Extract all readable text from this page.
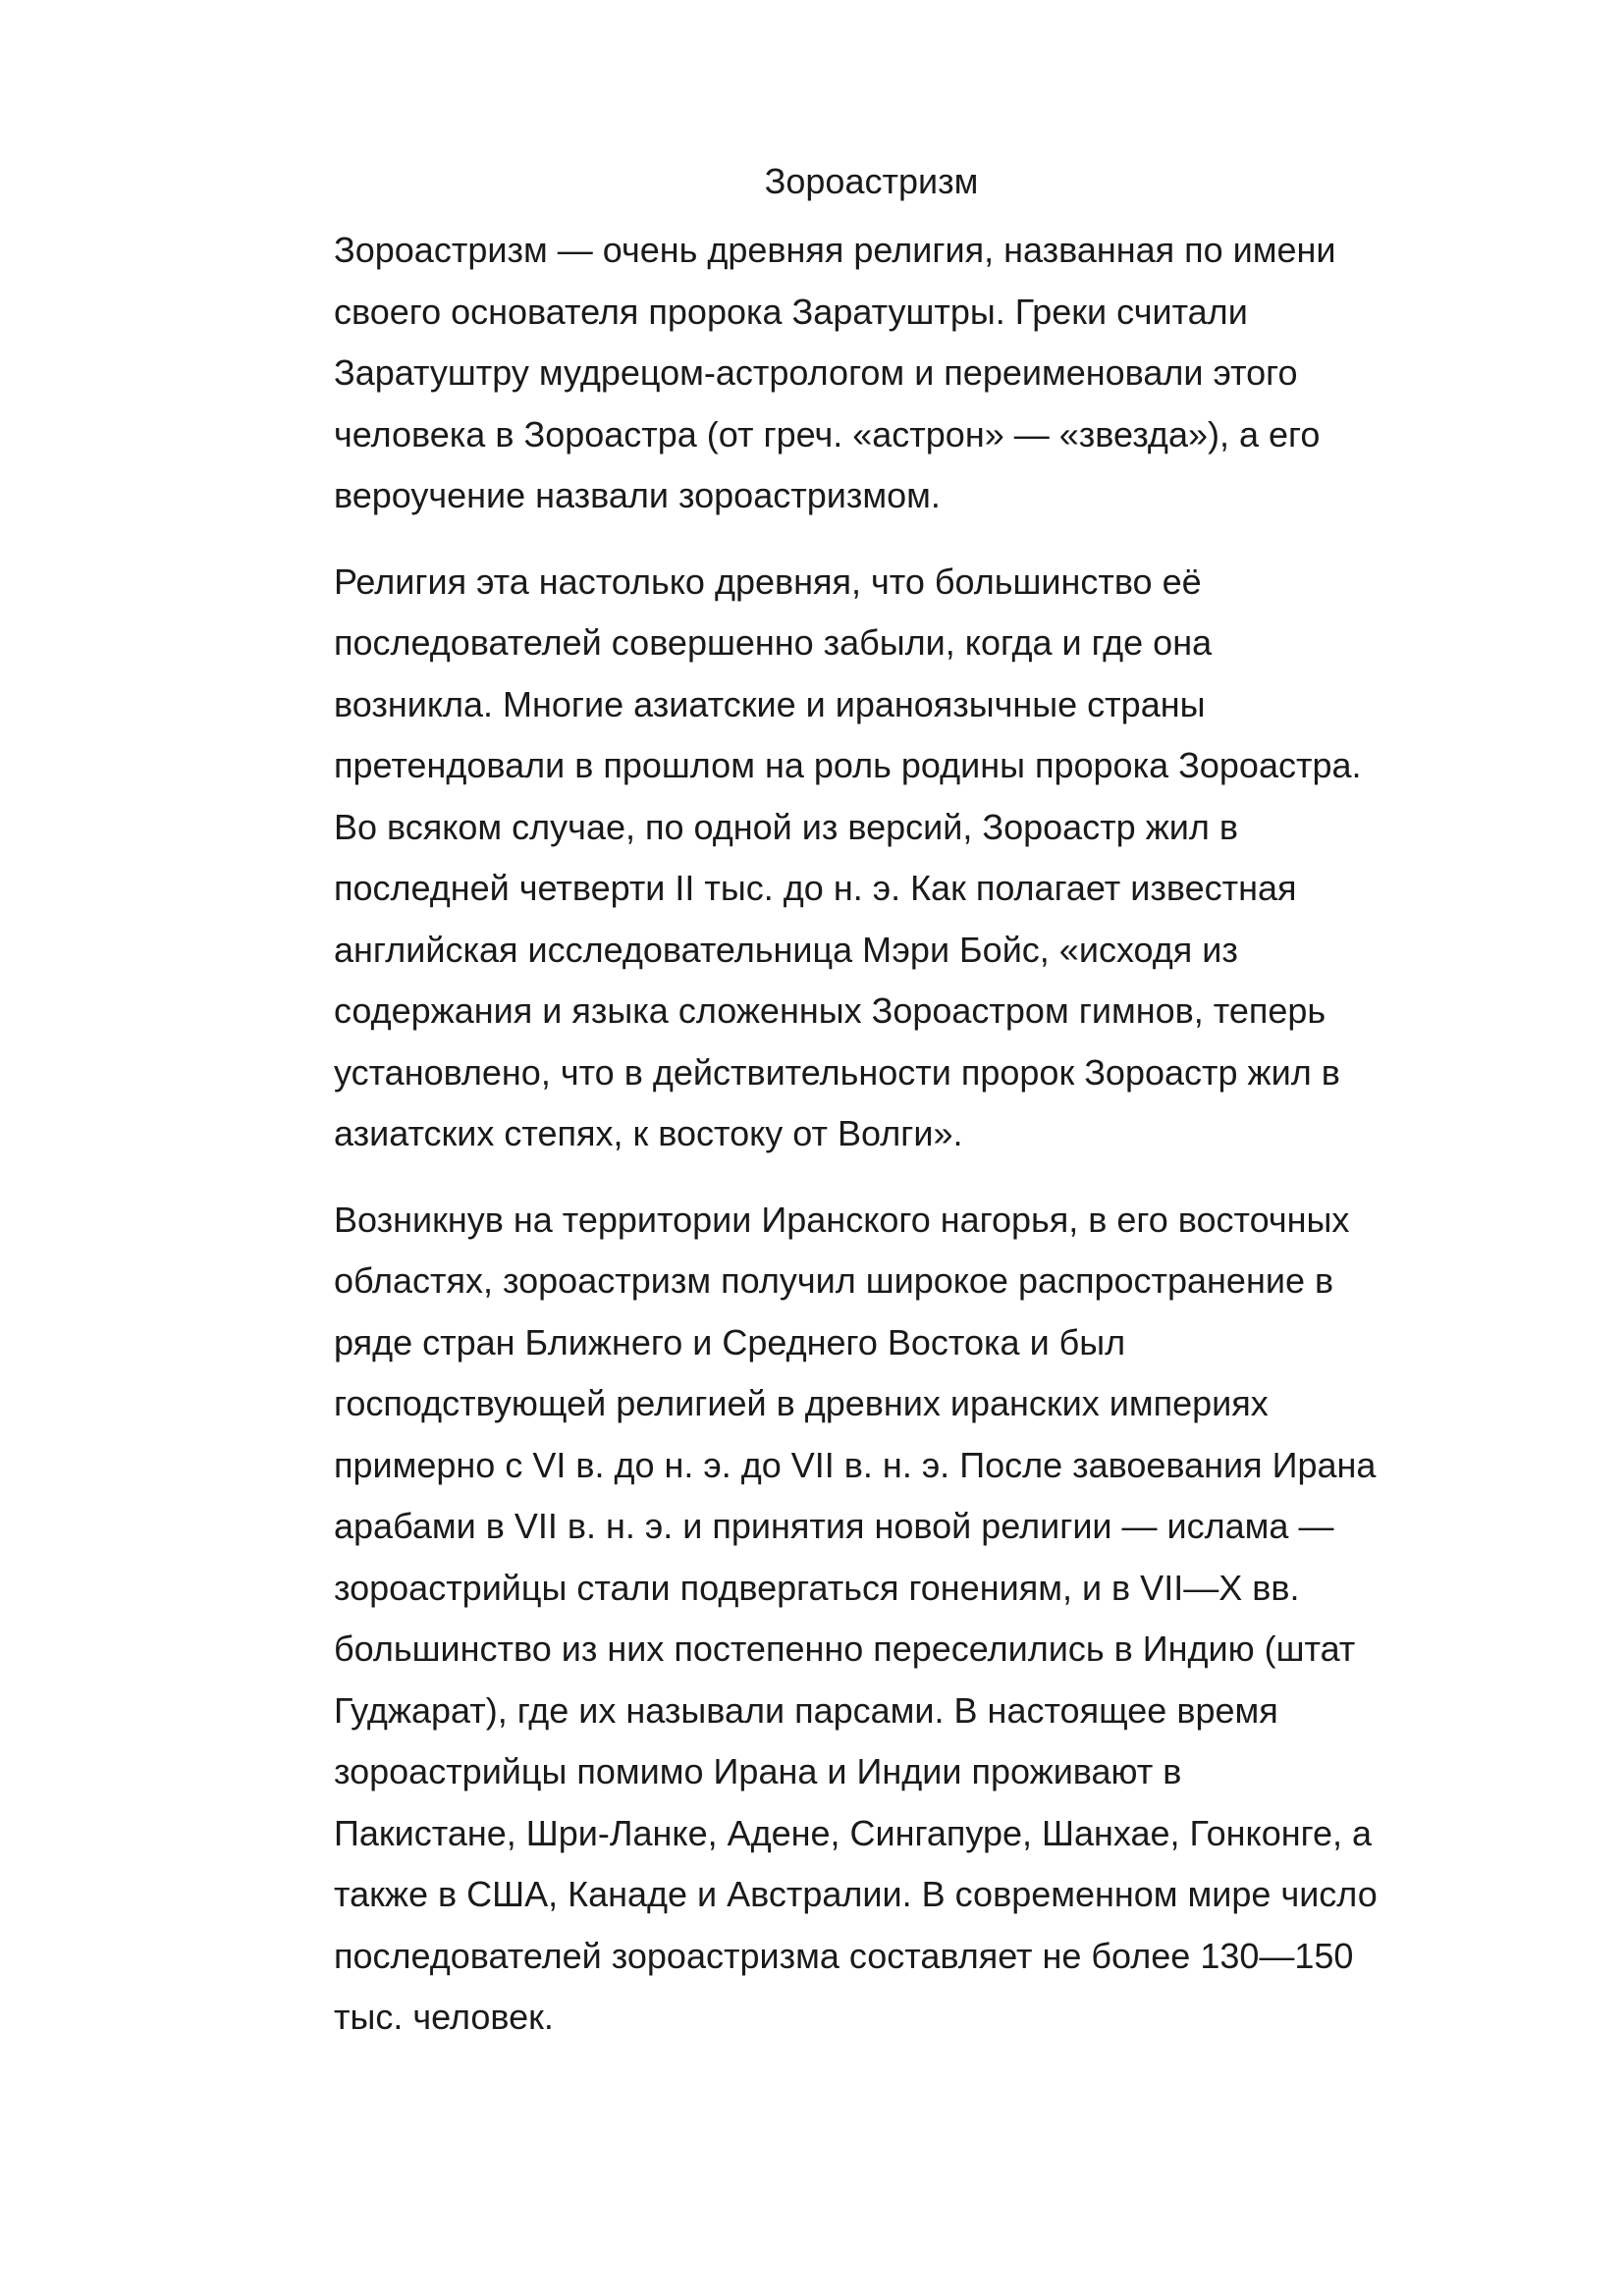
Зороастризм

Зороастризм — очень древняя религия, названная по имени
своего основателя пророка Заратуштры. Греки считали
Заратуштру мудрецом-астрологом и переименовали этого
человека в Зороастра (от греч. «астрон» — «звезда»), а его
вероучение назвали зороастризмом.

Религия эта настолько древняя, что большинство её
последователей совершенно забыли, когда и где она
возникла. Многие азиатские и ираноязычные страны
претендовали в прошлом на роль родины пророка Зороастра.
Во всяком случае, по одной из версий, Зороастр жил в
последней четверти II тыс. до н. э. Как полагает известная
английская исследовательница Мэри Бойс, «исходя из
содержания и языка сложенных Зороастром гимнов, теперь
установлено, что в действительности пророк Зороастр жил в
азиатских степях, к востоку от Волги».

Возникнув на территории Иранского нагорья, в его восточных
областях, зороастризм получил широкое распространение в
ряде стран Ближнего и Среднего Востока и был
господствующей религией в древних иранских империях
примерно с VI в. до н. э. до VII в. н. э. После завоевания Ирана
арабами в VII в. н. э. и принятия новой религии — ислама —
зороастрийцы стали подвергаться гонениям, и в VII—X вв.
большинство из них постепенно переселились в Индию (штат
Гуджарат), где их называли парсами. В настоящее время
зороастрийцы помимо Ирана и Индии проживают в
Пакистане, Шри-Ланке, Адене, Сингапуре, Шанхае, Гонконге, а
также в США, Канаде и Австралии. В современном мире число
последователей зороастризма составляет не более 130—150
тыс. человек.
